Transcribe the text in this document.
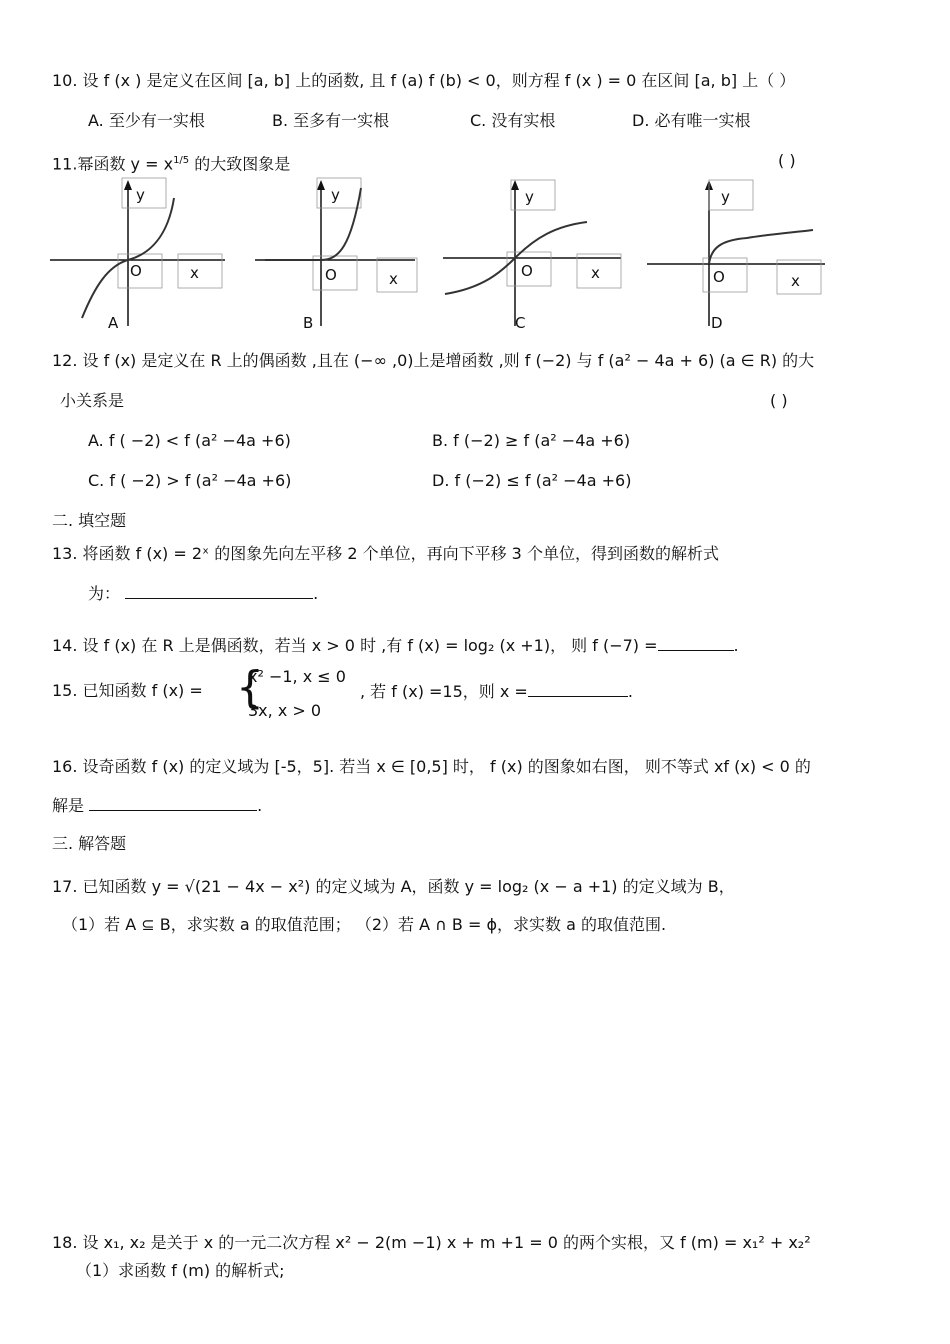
10. 设 f (x ) 是定义在区间 [a, b] 上的函数, 且 f (a) f (b) < 0，则方程 f (x ) = 0 在区间 [a, b] 上（ ）
A. 至少有一实根	B. 至多有一实根	C. 没有实根	D. 必有唯一实根
11.幂函数 $y = x^{1/5}$ 的大致图象是	( )
y
O	x
A
y
O	x
B
y
O	x
C
y
O	x
D
12. 设 f (x) 是定义在 R 上的偶函数 ,且在 (−∞ ,0)上是增函数 ,则 f (−2) 与 f (a² − 4a + 6) (a ∈ R) 的大
小关系是	( )
A. f ( −2) < f (a² −4a +6)	B. f (−2) ≥ f (a² −4a +6)
C. f ( −2) > f (a² −4a +6)	D. f (−2) ≤ f (a² −4a +6)
二. 填空题
13. 将函数 f (x) = 2ˣ 的图象先向左平移 2 个单位，再向下平移 3 个单位，得到函数的解析式
为：	.
14. 设 f (x) 在 R 上是偶函数，若当 x > 0 时 ,有 f (x) = log₂ (x +1)， 则 f (−7) =	.
15. 已知函数 f (x) = {
x² −1, x ≤ 0
3x, x > 0
, 若 f (x) =15，则 x =	.
16. 设奇函数 f (x) 的定义域为 [-5，5]. 若当 x ∈ [0,5] 时， f (x) 的图象如右图， 则不等式 xf (x) < 0 的
解是	.
三. 解答题
17. 已知函数 y = √(21 − 4x − x²) 的定义域为 A，函数 y = log₂ (x − a +1) 的定义域为 B，
（1）若 A ⊆ B，求实数 a 的取值范围； （2）若 A ∩ B = ϕ，求实数 a 的取值范围.
18. 设 x₁, x₂ 是关于 x 的一元二次方程 x² − 2(m −1) x + m +1 = 0 的两个实根，又 f (m) = x₁² + x₂²
（1）求函数 f (m) 的解析式;
